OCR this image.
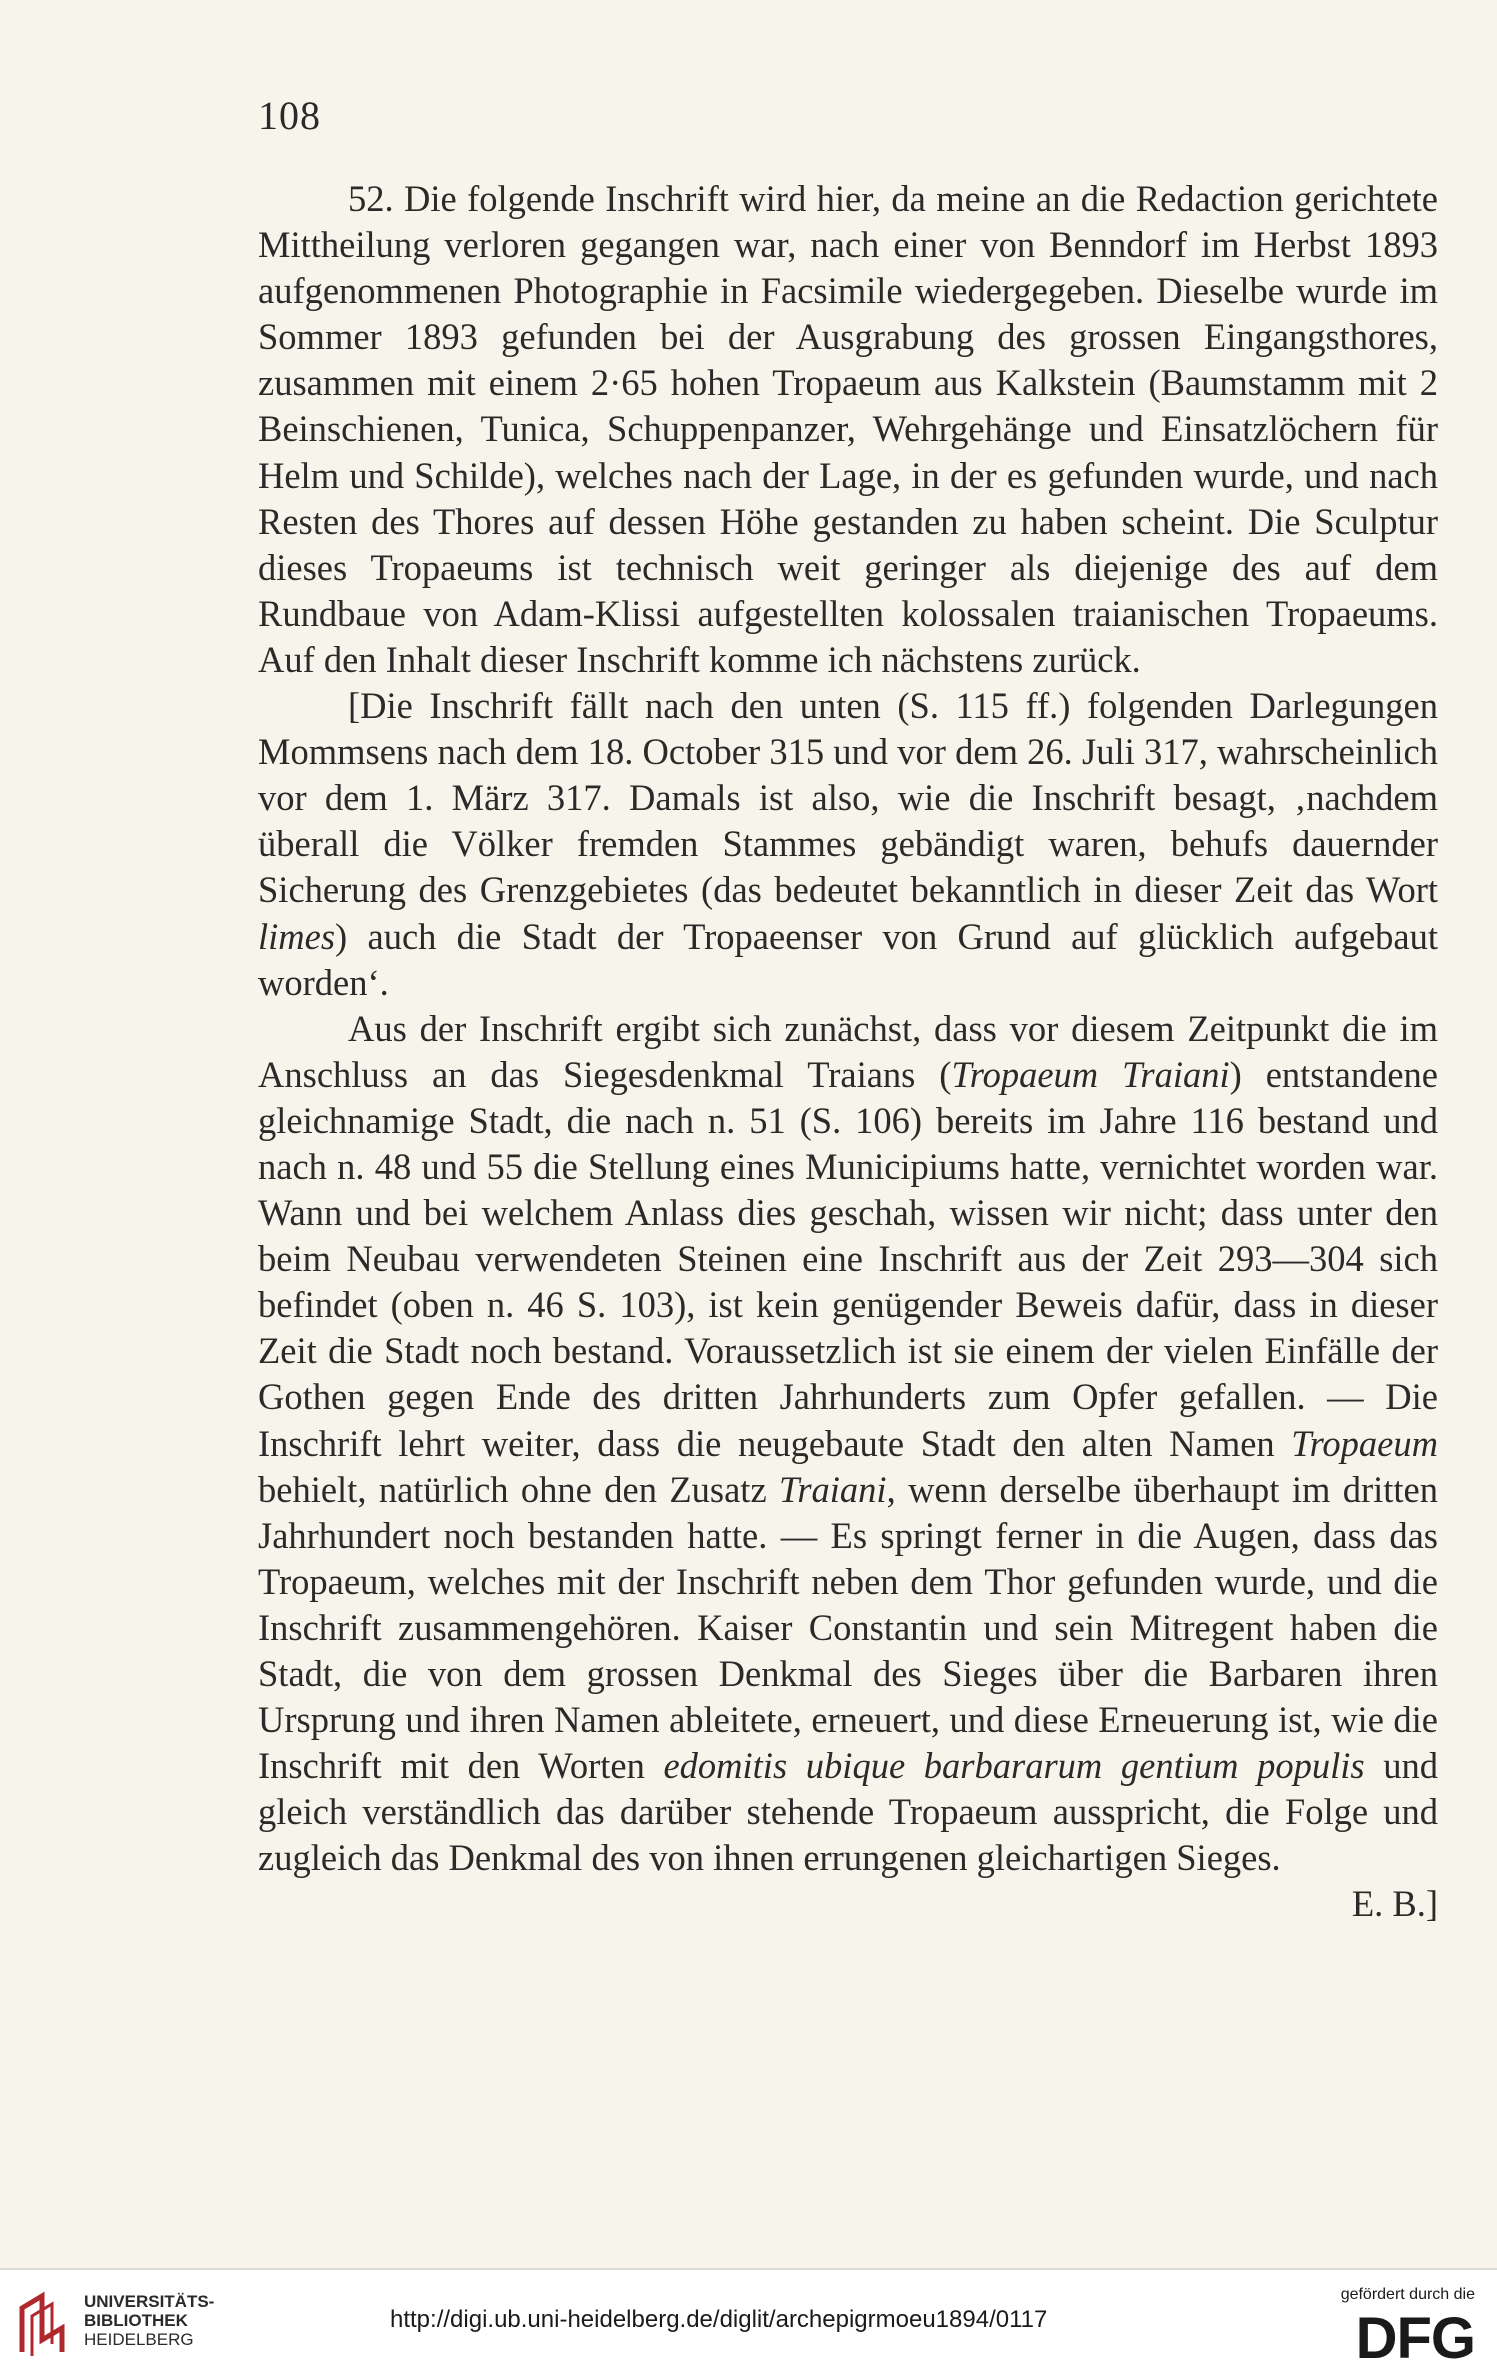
108

52. Die folgende Inschrift wird hier, da meine an die Redaction gerichtete Mittheilung verloren gegangen war, nach einer von Benndorf im Herbst 1893 aufgenommenen Photographie in Facsimile wiedergegeben. Dieselbe wurde im Sommer 1893 gefunden bei der Ausgrabung des grossen Eingangsthores, zusammen mit einem 2·65 hohen Tropaeum aus Kalkstein (Baumstamm mit 2 Beinschienen, Tunica, Schuppenpanzer, Wehrgehänge und Einsatzlöchern für Helm und Schilde), welches nach der Lage, in der es gefunden wurde, und nach Resten des Thores auf dessen Höhe gestanden zu haben scheint. Die Sculptur dieses Tropaeums ist technisch weit geringer als diejenige des auf dem Rundbaue von Adam-Klissi aufgestellten kolossalen traianischen Tropaeums. Auf den Inhalt dieser Inschrift komme ich nächstens zurück.

[Die Inschrift fällt nach den unten (S. 115 ff.) folgenden Darlegungen Mommsens nach dem 18. October 315 und vor dem 26. Juli 317, wahrscheinlich vor dem 1. März 317. Damals ist also, wie die Inschrift besagt, ‚nachdem überall die Völker fremden Stammes gebändigt waren, behufs dauernder Sicherung des Grenzgebietes (das bedeutet bekanntlich in dieser Zeit das Wort limes) auch die Stadt der Tropaeenser von Grund auf glücklich aufgebaut worden‘.

Aus der Inschrift ergibt sich zunächst, dass vor diesem Zeitpunkt die im Anschluss an das Siegesdenkmal Traians (Tropaeum Traiani) entstandene gleichnamige Stadt, die nach n. 51 (S. 106) bereits im Jahre 116 bestand und nach n. 48 und 55 die Stellung eines Municipiums hatte, vernichtet worden war. Wann und bei welchem Anlass dies geschah, wissen wir nicht; dass unter den beim Neubau verwendeten Steinen eine Inschrift aus der Zeit 293—304 sich befindet (oben n. 46 S. 103), ist kein genügender Beweis dafür, dass in dieser Zeit die Stadt noch bestand. Voraussetzlich ist sie einem der vielen Einfälle der Gothen gegen Ende des dritten Jahrhunderts zum Opfer gefallen. — Die Inschrift lehrt weiter, dass die neugebaute Stadt den alten Namen Tropaeum behielt, natürlich ohne den Zusatz Traiani, wenn derselbe überhaupt im dritten Jahrhundert noch bestanden hatte. — Es springt ferner in die Augen, dass das Tropaeum, welches mit der Inschrift neben dem Thor gefunden wurde, und die Inschrift zusammengehören. Kaiser Constantin und sein Mitregent haben die Stadt, die von dem grossen Denkmal des Sieges über die Barbaren ihren Ursprung und ihren Namen ableitete, erneuert, und diese Erneuerung ist, wie die Inschrift mit den Worten edomitis ubique barbararum gentium populis und gleich verständlich das darüber stehende Tropaeum ausspricht, die Folge und zugleich das Denkmal des von ihnen errungenen gleichartigen Sieges.
E. B.]

UNIVERSITÄTS-
BIBLIOTHEK
HEIDELBERG
http://digi.ub.uni-heidelberg.de/diglit/archepigrmoeu1894/0117
gefördert durch die
DFG
